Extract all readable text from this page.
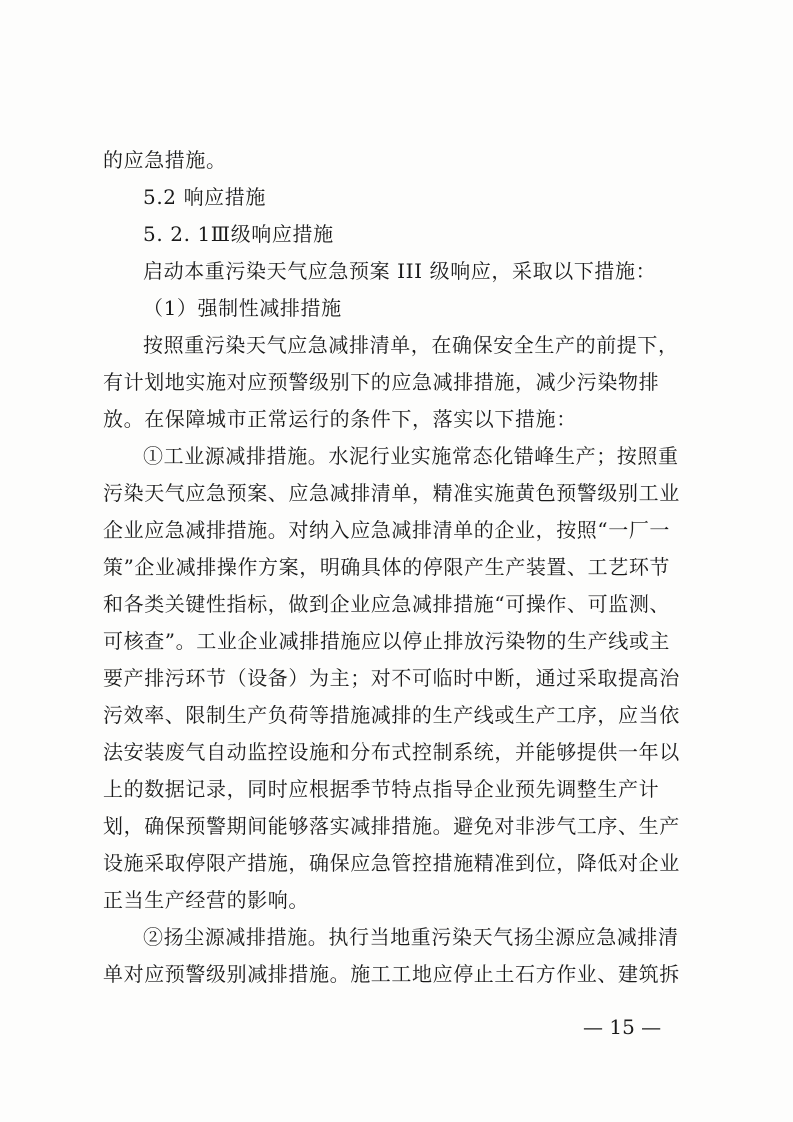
的应急措施。
5.2 响应措施
5. 2. 1Ⅲ级响应措施
启动本重污染天气应急预案 III 级响应，采取以下措施：
（1）强制性减排措施
按照重污染天气应急减排清单，在确保安全生产的前提下，
有计划地实施对应预警级别下的应急减排措施，减少污染物排
放。在保障城市正常运行的条件下，落实以下措施：
①工业源减排措施。水泥行业实施常态化错峰生产；按照重
污染天气应急预案、应急减排清单，精准实施黄色预警级别工业
企业应急减排措施。对纳入应急减排清单的企业，按照“一厂一
策”企业减排操作方案，明确具体的停限产生产装置、工艺环节
和各类关键性指标，做到企业应急减排措施“可操作、可监测、
可核查”。工业企业减排措施应以停止排放污染物的生产线或主
要产排污环节（设备）为主；对不可临时中断，通过采取提高治
污效率、限制生产负荷等措施减排的生产线或生产工序，应当依
法安装废气自动监控设施和分布式控制系统，并能够提供一年以
上的数据记录，同时应根据季节特点指导企业预先调整生产计
划，确保预警期间能够落实减排措施。避免对非涉气工序、生产
设施采取停限产措施，确保应急管控措施精准到位，降低对企业
正当生产经营的影响。
②扬尘源减排措施。执行当地重污染天气扬尘源应急减排清
单对应预警级别减排措施。施工工地应停止土石方作业、建筑拆
— 15 —
